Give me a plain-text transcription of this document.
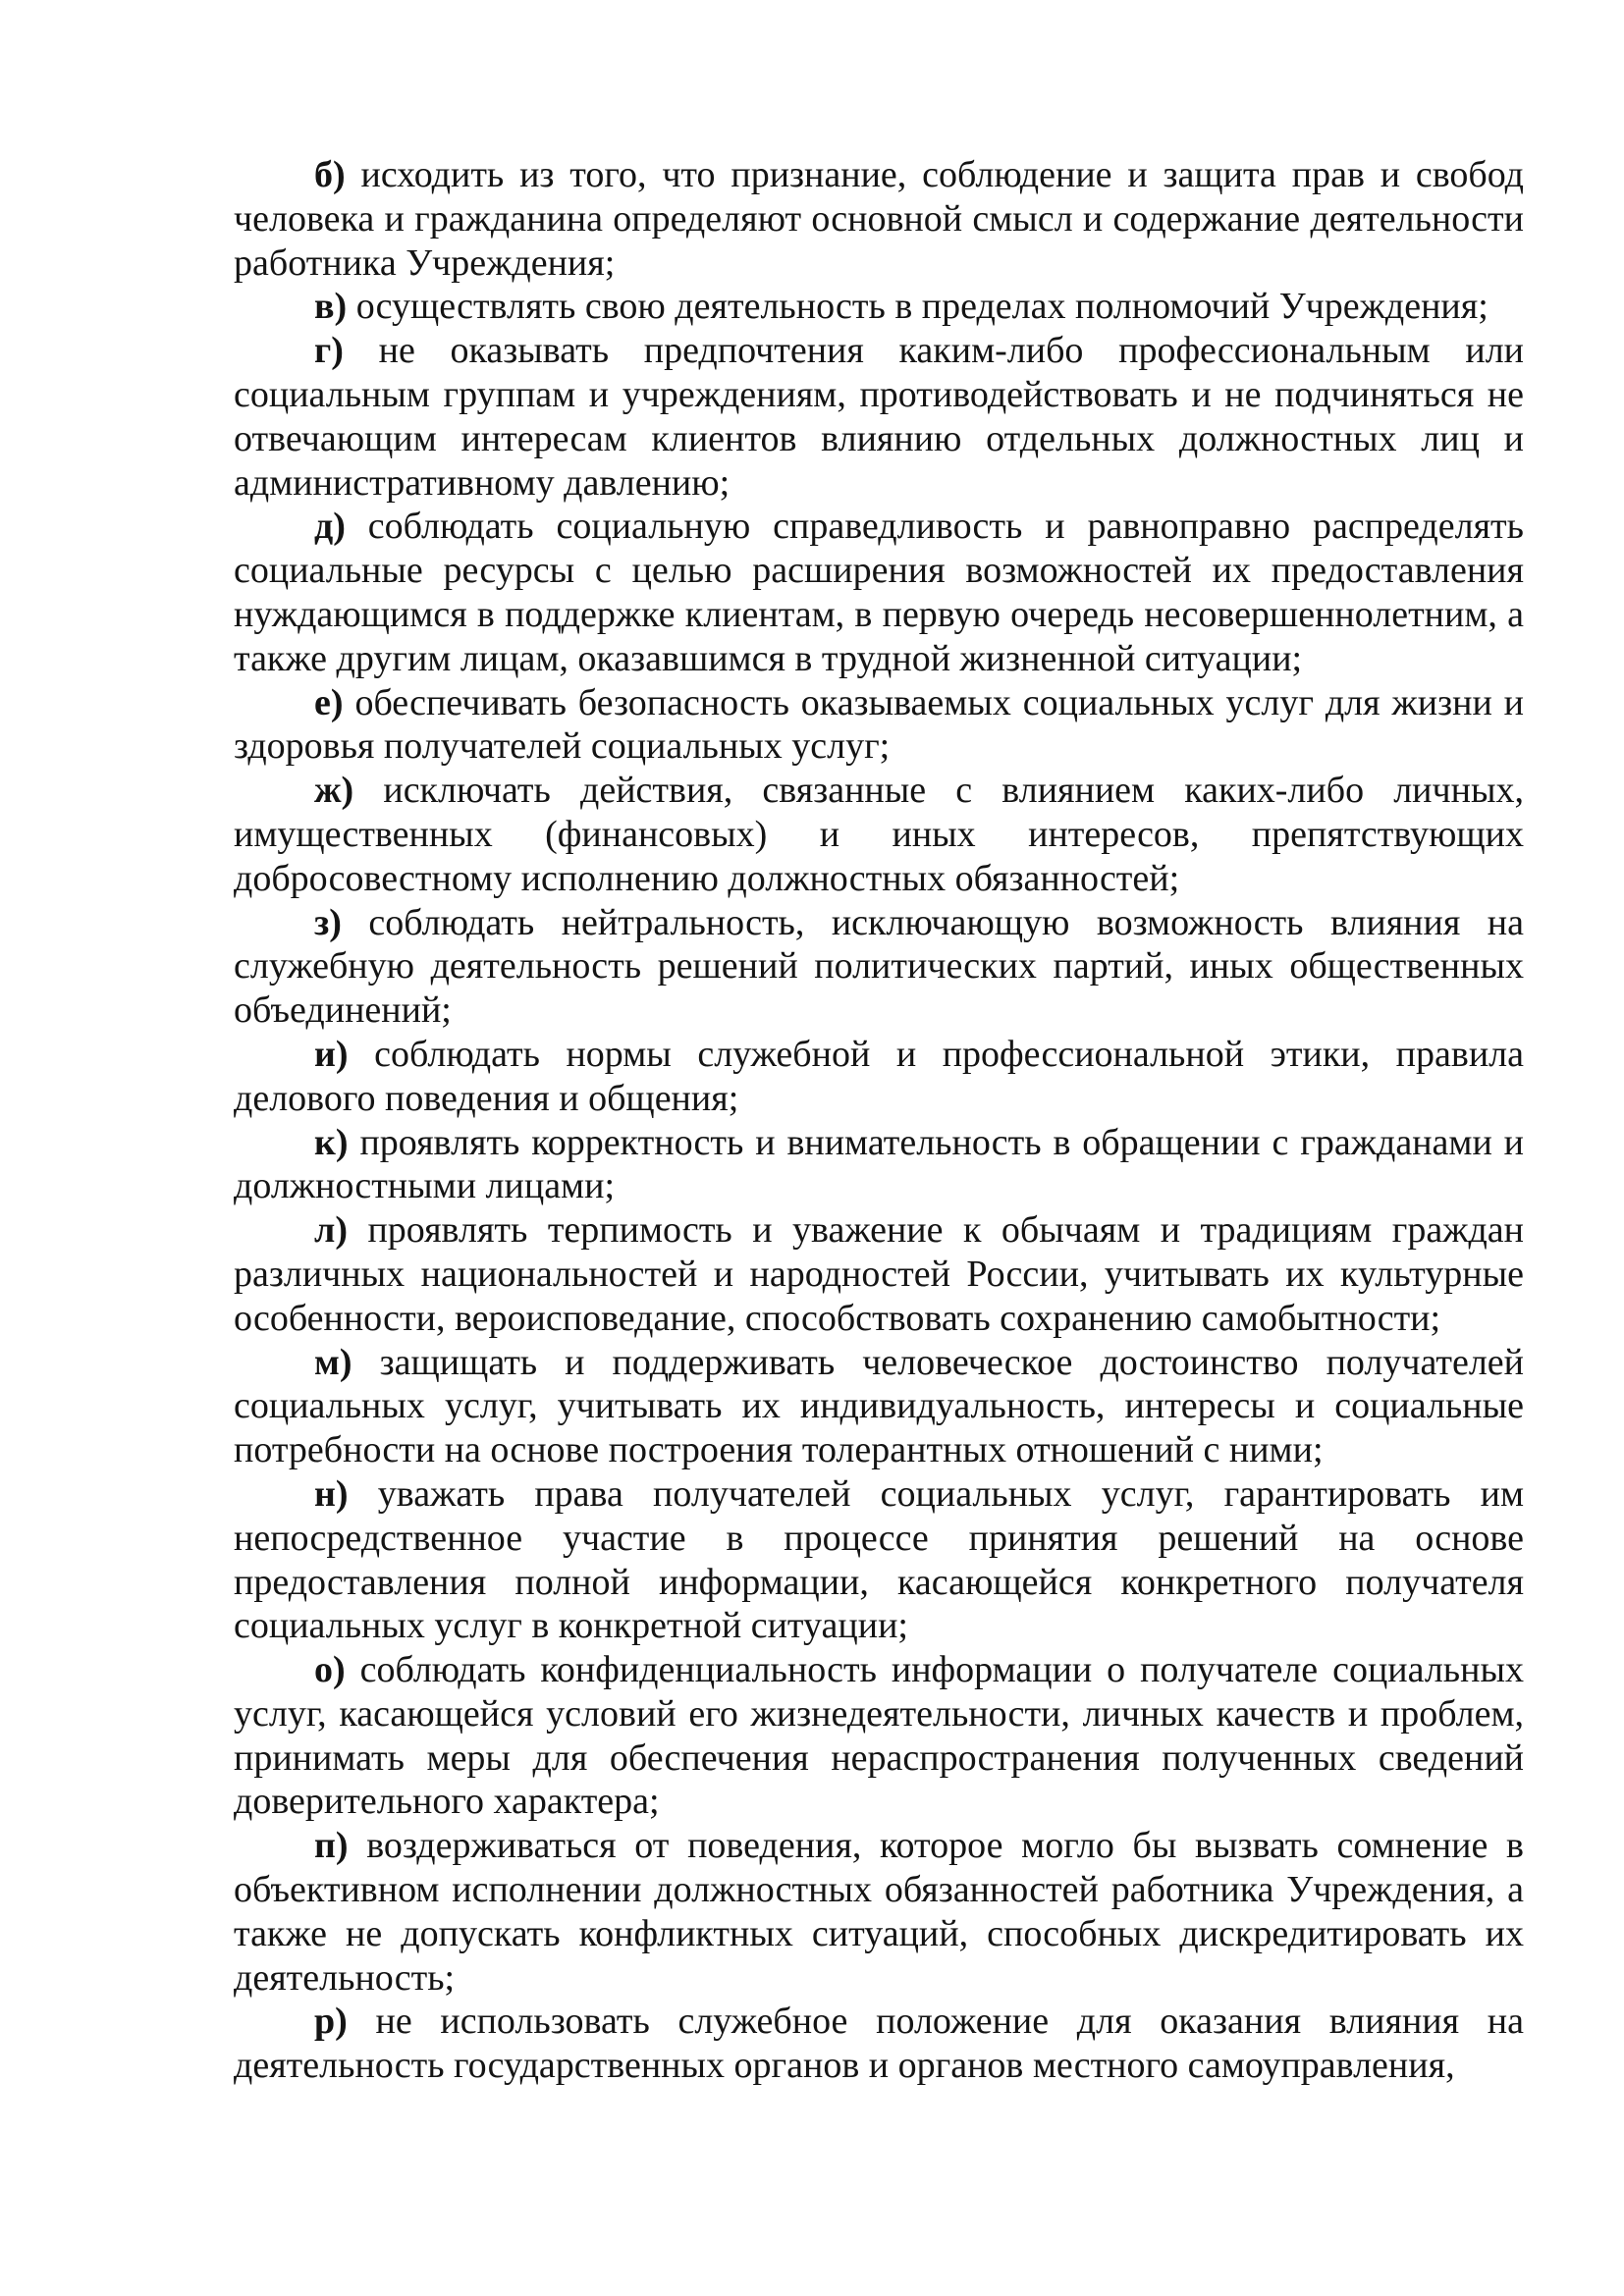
б) исходить из того, что признание, соблюдение и защита прав и свобод человека и гражданина определяют основной смысл и содержание деятельности работника Учреждения;

в) осуществлять свою деятельность в пределах полномочий Учреждения;

г) не оказывать предпочтения каким-либо профессиональным или социальным группам и учреждениям, противодействовать и не подчиняться не отвечающим интересам клиентов влиянию отдельных должностных лиц и административному давлению;

д) соблюдать социальную справедливость и равноправно распределять социальные ресурсы с целью расширения возможностей их предоставления нуждающимся в поддержке клиентам, в первую очередь несовершеннолетним, а также другим лицам, оказавшимся в трудной жизненной ситуации;

е) обеспечивать безопасность оказываемых социальных услуг для жизни и здоровья получателей социальных услуг;

ж) исключать действия, связанные с влиянием каких-либо личных, имущественных (финансовых) и иных интересов, препятствующих добросовестному исполнению должностных обязанностей;

з) соблюдать нейтральность, исключающую возможность влияния на служебную деятельность решений политических партий, иных общественных объединений;

и) соблюдать нормы служебной и профессиональной этики, правила делового поведения и общения;

к) проявлять корректность и внимательность в обращении с гражданами и должностными лицами;

л) проявлять терпимость и уважение к обычаям и традициям граждан различных национальностей и народностей России, учитывать их культурные особенности, вероисповедание, способствовать сохранению самобытности;

м) защищать и поддерживать человеческое достоинство получателей социальных услуг, учитывать их индивидуальность, интересы и социальные потребности на основе построения толерантных отношений с ними;

н) уважать права получателей социальных услуг, гарантировать им непосредственное участие в процессе принятия решений на основе предоставления полной информации, касающейся конкретного получателя социальных услуг в конкретной ситуации;

о) соблюдать конфиденциальность информации о получателе социальных услуг, касающейся условий его жизнедеятельности, личных качеств и проблем, принимать меры для обеспечения нераспространения полученных сведений доверительного характера;

п) воздерживаться от поведения, которое могло бы вызвать сомнение в объективном исполнении должностных обязанностей работника Учреждения, а также не допускать конфликтных ситуаций, способных дискредитировать их деятельность;

р) не использовать служебное положение для оказания влияния на деятельность государственных органов и органов местного самоуправления,
